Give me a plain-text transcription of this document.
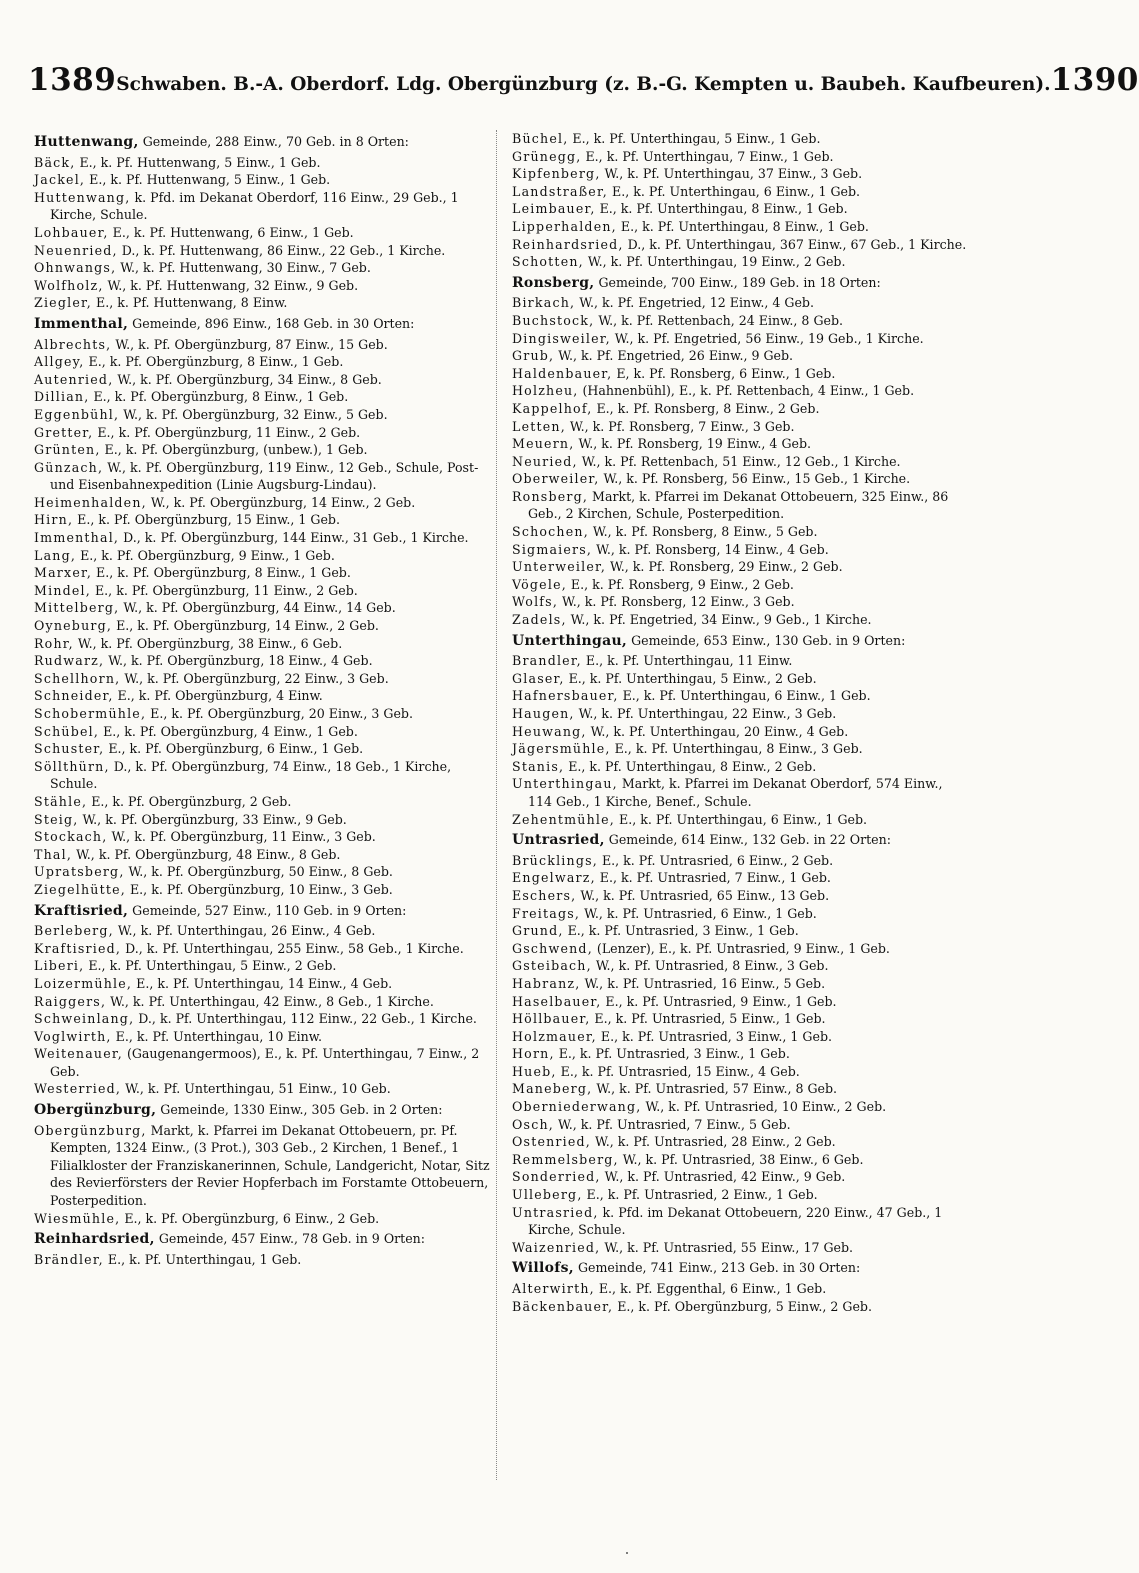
1389 Schwaben. B.-A. Oberdorf. Ldg. Obergünzburg (z. B.-G. Kempten u. Baubeh. Kaufbeuren). 1390

Huttenwang, Gemeinde, 288 Einw., 70 Geb. in 8 Orten:

Bäck, E., k. Pf. Huttenwang, 5 Einw., 1 Geb.

Jackel, E., k. Pf. Huttenwang, 5 Einw., 1 Geb.

Huttenwang, k. Pfd. im Dekanat Oberdorf, 116 Einw., 29 Geb., 1 Kirche, Schule.

Lohbauer, E., k. Pf. Huttenwang, 6 Einw., 1 Geb.

Neuenried, D., k. Pf. Huttenwang, 86 Einw., 22 Geb., 1 Kirche.

Ohnwangs, W., k. Pf. Huttenwang, 30 Einw., 7 Geb.

Wolfholz, W., k. Pf. Huttenwang, 32 Einw., 9 Geb.

Ziegler, E., k. Pf. Huttenwang, 8 Einw.

Immenthal, Gemeinde, 896 Einw., 168 Geb. in 30 Orten:

Albrechts, W., k. Pf. Obergünzburg, 87 Einw., 15 Geb.

Allgey, E., k. Pf. Obergünzburg, 8 Einw., 1 Geb.

Autenried, W., k. Pf. Obergünzburg, 34 Einw., 8 Geb.

Dillian, E., k. Pf. Obergünzburg, 8 Einw., 1 Geb.

Eggenbühl, W., k. Pf. Obergünzburg, 32 Einw., 5 Geb.

Gretter, E., k. Pf. Obergünzburg, 11 Einw., 2 Geb.

Grünten, E., k. Pf. Obergünzburg, (unbew.), 1 Geb.

Günzach, W., k. Pf. Obergünzburg, 119 Einw., 12 Geb., Schule, Post- und Eisenbahnexpedition (Linie Augsburg-Lindau).

Heimenhalden, W., k. Pf. Obergünzburg, 14 Einw., 2 Geb.

Hirn, E., k. Pf. Obergünzburg, 15 Einw., 1 Geb.

Immenthal, D., k. Pf. Obergünzburg, 144 Einw., 31 Geb., 1 Kirche.

Lang, E., k. Pf. Obergünzburg, 9 Einw., 1 Geb.

Marxer, E., k. Pf. Obergünzburg, 8 Einw., 1 Geb.

Mindel, E., k. Pf. Obergünzburg, 11 Einw., 2 Geb.

Mittelberg, W., k. Pf. Obergünzburg, 44 Einw., 14 Geb.

Oyneburg, E., k. Pf. Obergünzburg, 14 Einw., 2 Geb.

Rohr, W., k. Pf. Obergünzburg, 38 Einw., 6 Geb.

Rudwarz, W., k. Pf. Obergünzburg, 18 Einw., 4 Geb.

Schellhorn, W., k. Pf. Obergünzburg, 22 Einw., 3 Geb.

Schneider, E., k. Pf. Obergünzburg, 4 Einw.

Schobermühle, E., k. Pf. Obergünzburg, 20 Einw., 3 Geb.

Schübel, E., k. Pf. Obergünzburg, 4 Einw., 1 Geb.

Schuster, E., k. Pf. Obergünzburg, 6 Einw., 1 Geb.

Söllthürn, D., k. Pf. Obergünzburg, 74 Einw., 18 Geb., 1 Kirche, Schule.

Stähle, E., k. Pf. Obergünzburg, 2 Geb.

Steig, W., k. Pf. Obergünzburg, 33 Einw., 9 Geb.

Stockach, W., k. Pf. Obergünzburg, 11 Einw., 3 Geb.

Thal, W., k. Pf. Obergünzburg, 48 Einw., 8 Geb.

Upratsberg, W., k. Pf. Obergünzburg, 50 Einw., 8 Geb.

Ziegelhütte, E., k. Pf. Obergünzburg, 10 Einw., 3 Geb.

Kraftisried, Gemeinde, 527 Einw., 110 Geb. in 9 Orten:

Berleberg, W., k. Pf. Unterthingau, 26 Einw., 4 Geb.

Kraftisried, D., k. Pf. Unterthingau, 255 Einw., 58 Geb., 1 Kirche.

Liberi, E., k. Pf. Unterthingau, 5 Einw., 2 Geb.

Loizermühle, E., k. Pf. Unterthingau, 14 Einw., 4 Geb.

Raiggers, W., k. Pf. Unterthingau, 42 Einw., 8 Geb., 1 Kirche.

Schweinlang, D., k. Pf. Unterthingau, 112 Einw., 22 Geb., 1 Kirche.

Voglwirth, E., k. Pf. Unterthingau, 10 Einw.

Weitenauer, (Gaugenangermoos), E., k. Pf. Unterthingau, 7 Einw., 2 Geb.

Westerried, W., k. Pf. Unterthingau, 51 Einw., 10 Geb.

Obergünzburg, Gemeinde, 1330 Einw., 305 Geb. in 2 Orten:

Obergünzburg, Markt, k. Pfarrei im Dekanat Ottobeuern, pr. Pf. Kempten, 1324 Einw., (3 Prot.), 303 Geb., 2 Kirchen, 1 Benef., 1 Filialkloster der Franziskanerinnen, Schule, Landgericht, Notar, Sitz des Revierförsters der Revier Hopferbach im Forstamte Ottobeuern, Posterpedition.

Wiesmühle, E., k. Pf. Obergünzburg, 6 Einw., 2 Geb.

Reinhardsried, Gemeinde, 457 Einw., 78 Geb. in 9 Orten:

Brändler, E., k. Pf. Unterthingau, 1 Geb.

Büchel, E., k. Pf. Unterthingau, 5 Einw., 1 Geb.

Grünegg, E., k. Pf. Unterthingau, 7 Einw., 1 Geb.

Kipfenberg, W., k. Pf. Unterthingau, 37 Einw., 3 Geb.

Landstraßer, E., k. Pf. Unterthingau, 6 Einw., 1 Geb.

Leimbauer, E., k. Pf. Unterthingau, 8 Einw., 1 Geb.

Lipperhalden, E., k. Pf. Unterthingau, 8 Einw., 1 Geb.

Reinhardsried, D., k. Pf. Unterthingau, 367 Einw., 67 Geb., 1 Kirche.

Schotten, W., k. Pf. Unterthingau, 19 Einw., 2 Geb.

Ronsberg, Gemeinde, 700 Einw., 189 Geb. in 18 Orten:

Birkach, W., k. Pf. Engetried, 12 Einw., 4 Geb.

Buchstock, W., k. Pf. Rettenbach, 24 Einw., 8 Geb.

Dingisweiler, W., k. Pf. Engetried, 56 Einw., 19 Geb., 1 Kirche.

Grub, W., k. Pf. Engetried, 26 Einw., 9 Geb.

Haldenbauer, E, k. Pf. Ronsberg, 6 Einw., 1 Geb.

Holzheu, (Hahnenbühl), E., k. Pf. Rettenbach, 4 Einw., 1 Geb.

Kappelhof, E., k. Pf. Ronsberg, 8 Einw., 2 Geb.

Letten, W., k. Pf. Ronsberg, 7 Einw., 3 Geb.

Meuern, W., k. Pf. Ronsberg, 19 Einw., 4 Geb.

Neuried, W., k. Pf. Rettenbach, 51 Einw., 12 Geb., 1 Kirche.

Oberweiler, W., k. Pf. Ronsberg, 56 Einw., 15 Geb., 1 Kirche.

Ronsberg, Markt, k. Pfarrei im Dekanat Ottobeuern, 325 Einw., 86 Geb., 2 Kirchen, Schule, Posterpedition.

Schochen, W., k. Pf. Ronsberg, 8 Einw., 5 Geb.

Sigmaiers, W., k. Pf. Ronsberg, 14 Einw., 4 Geb.

Unterweiler, W., k. Pf. Ronsberg, 29 Einw., 2 Geb.

Vögele, E., k. Pf. Ronsberg, 9 Einw., 2 Geb.

Wolfs, W., k. Pf. Ronsberg, 12 Einw., 3 Geb.

Zadels, W., k. Pf. Engetried, 34 Einw., 9 Geb., 1 Kirche.

Unterthingau, Gemeinde, 653 Einw., 130 Geb. in 9 Orten:

Brandler, E., k. Pf. Unterthingau, 11 Einw.

Glaser, E., k. Pf. Unterthingau, 5 Einw., 2 Geb.

Hafnersbauer, E., k. Pf. Unterthingau, 6 Einw., 1 Geb.

Haugen, W., k. Pf. Unterthingau, 22 Einw., 3 Geb.

Heuwang, W., k. Pf. Unterthingau, 20 Einw., 4 Geb.

Jägersmühle, E., k. Pf. Unterthingau, 8 Einw., 3 Geb.

Stanis, E., k. Pf. Unterthingau, 8 Einw., 2 Geb.

Unterthingau, Markt, k. Pfarrei im Dekanat Oberdorf, 574 Einw., 114 Geb., 1 Kirche, Benef., Schule.

Zehentmühle, E., k. Pf. Unterthingau, 6 Einw., 1 Geb.

Untrasried, Gemeinde, 614 Einw., 132 Geb. in 22 Orten:

Brücklings, E., k. Pf. Untrasried, 6 Einw., 2 Geb.

Engelwarz, E., k. Pf. Untrasried, 7 Einw., 1 Geb.

Eschers, W., k. Pf. Untrasried, 65 Einw., 13 Geb.

Freitags, W., k. Pf. Untrasried, 6 Einw., 1 Geb.

Grund, E., k. Pf. Untrasried, 3 Einw., 1 Geb.

Gschwend, (Lenzer), E., k. Pf. Untrasried, 9 Einw., 1 Geb.

Gsteibach, W., k. Pf. Untrasried, 8 Einw., 3 Geb.

Habranz, W., k. Pf. Untrasried, 16 Einw., 5 Geb.

Haselbauer, E., k. Pf. Untrasried, 9 Einw., 1 Geb.

Höllbauer, E., k. Pf. Untrasried, 5 Einw., 1 Geb.

Holzmauer, E., k. Pf. Untrasried, 3 Einw., 1 Geb.

Horn, E., k. Pf. Untrasried, 3 Einw., 1 Geb.

Hueb, E., k. Pf. Untrasried, 15 Einw., 4 Geb.

Maneberg, W., k. Pf. Untrasried, 57 Einw., 8 Geb.

Oberniederwang, W., k. Pf. Untrasried, 10 Einw., 2 Geb.

Osch, W., k. Pf. Untrasried, 7 Einw., 5 Geb.

Ostenried, W., k. Pf. Untrasried, 28 Einw., 2 Geb.

Remmelsberg, W., k. Pf. Untrasried, 38 Einw., 6 Geb.

Sonderried, W., k. Pf. Untrasried, 42 Einw., 9 Geb.

Ulleberg, E., k. Pf. Untrasried, 2 Einw., 1 Geb.

Untrasried, k. Pfd. im Dekanat Ottobeuern, 220 Einw., 47 Geb., 1 Kirche, Schule.

Waizenried, W., k. Pf. Untrasried, 55 Einw., 17 Geb.

Willofs, Gemeinde, 741 Einw., 213 Geb. in 30 Orten:

Alterwirth, E., k. Pf. Eggenthal, 6 Einw., 1 Geb.

Bäckenbauer, E., k. Pf. Obergünzburg, 5 Einw., 2 Geb.
